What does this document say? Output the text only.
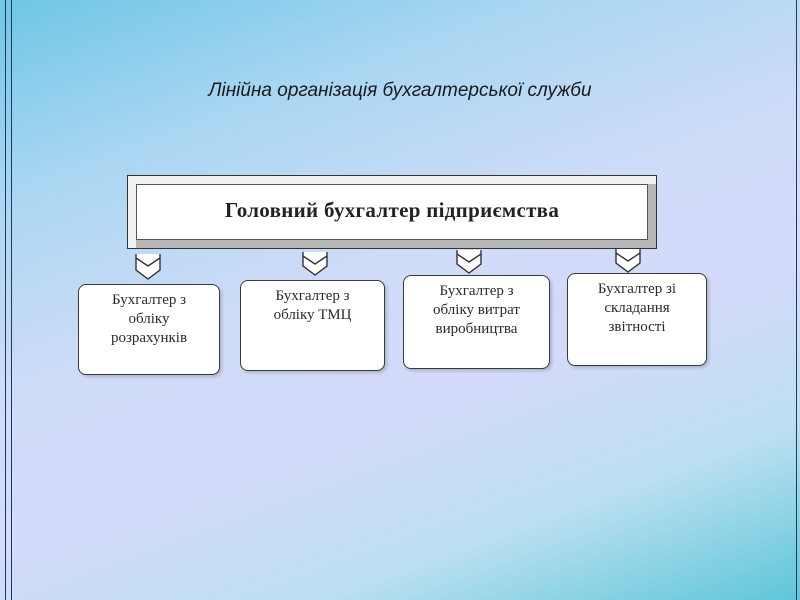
Лінійна організація бухгалтерської служби
Головний бухгалтер підприємства
Бухгалтер з
обліку
розрахунків
Бухгалтер з
обліку ТМЦ
Бухгалтер з
обліку витрат
виробництва
Бухгалтер зі
складання
звітності
